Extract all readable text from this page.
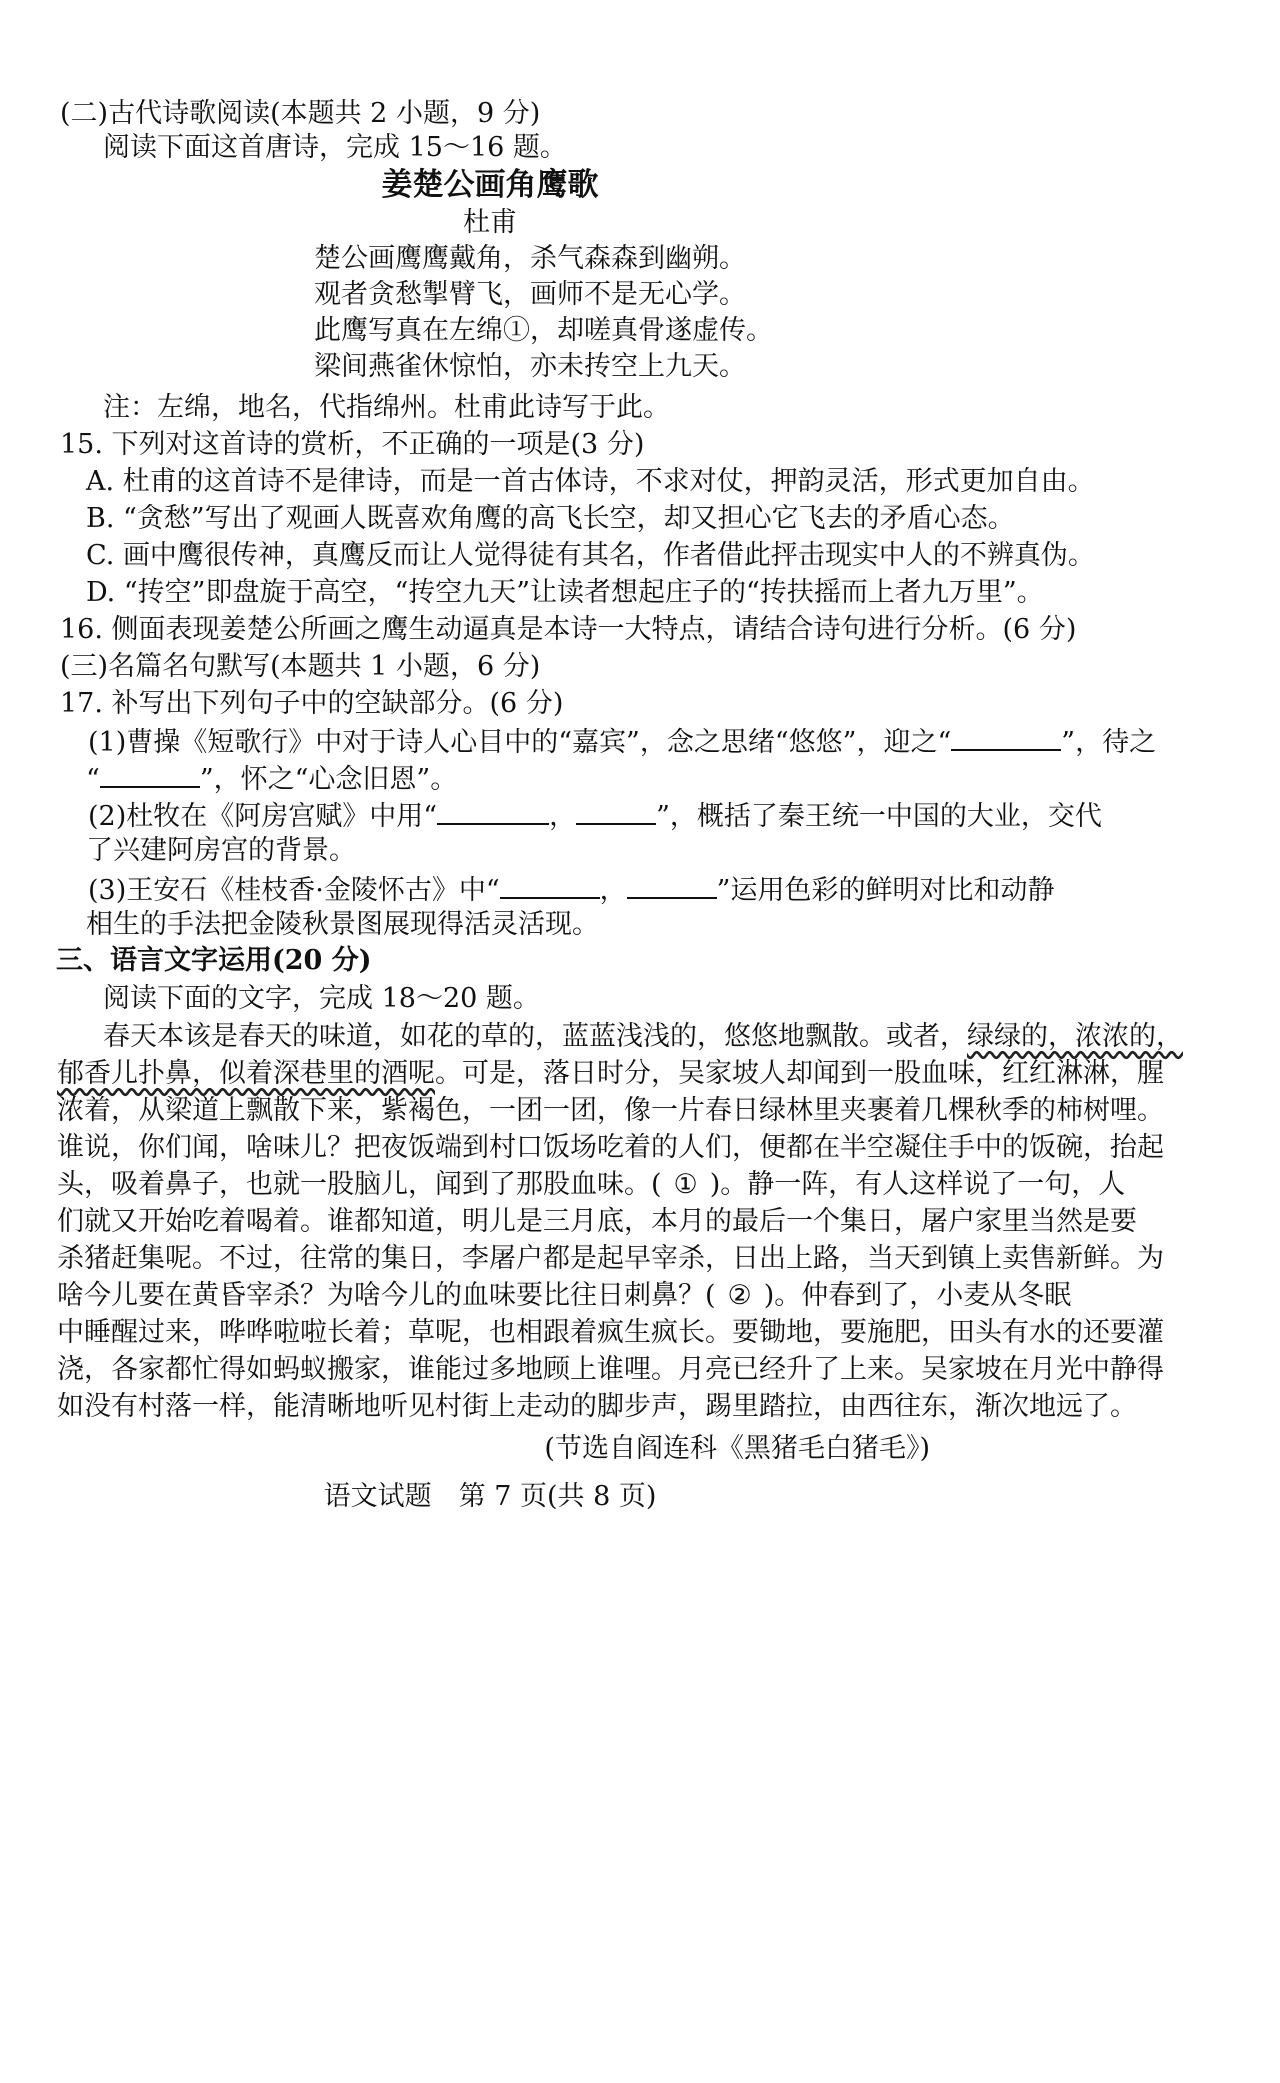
(二)古代诗歌阅读(本题共 2 小题，9 分)
阅读下面这首唐诗，完成 15～16 题。
姜楚公画角鹰歌
杜甫
楚公画鹰鹰戴角，杀气森森到幽朔。
观者贪愁掣臂飞，画师不是无心学。
此鹰写真在左绵①，却嗟真骨遂虚传。
梁间燕雀休惊怕，亦未抟空上九天。
注：左绵，地名，代指绵州。杜甫此诗写于此。
15. 下列对这首诗的赏析，不正确的一项是(3 分)
A. 杜甫的这首诗不是律诗，而是一首古体诗，不求对仗，押韵灵活，形式更加自由。
B. “贪愁”写出了观画人既喜欢角鹰的高飞长空，却又担心它飞去的矛盾心态。
C. 画中鹰很传神，真鹰反而让人觉得徒有其名，作者借此抨击现实中人的不辨真伪。
D. “抟空”即盘旋于高空，“抟空九天”让读者想起庄子的“抟扶摇而上者九万里”。
16. 侧面表现姜楚公所画之鹰生动逼真是本诗一大特点，请结合诗句进行分析。(6 分)
(三)名篇名句默写(本题共 1 小题，6 分)
17. 补写出下列句子中的空缺部分。(6 分)
(1)曹操《短歌行》中对于诗人心目中的“嘉宾”，念之思绪“悠悠”，迎之“	”，待之
“	”，怀之“心念旧恩”。
(2)杜牧在《阿房宫赋》中用“	，	”，概括了秦王统一中国的大业，交代
了兴建阿房宫的背景。
(3)王安石《桂枝香·金陵怀古》中“	，	”运用色彩的鲜明对比和动静
相生的手法把金陵秋景图展现得活灵活现。
三、语言文字运用(20 分)
阅读下面的文字，完成 18～20 题。
春天本该是春天的味道，如花的草的，蓝蓝浅浅的，悠悠地飘散。或者，绿绿的，浓浓的，
郁香儿扑鼻，似着深巷里的酒呢。可是，落日时分，吴家坡人却闻到一股血味，红红淋淋，腥
浓着，从梁道上飘散下来，紫褐色，一团一团，像一片春日绿林里夹裹着几棵秋季的柿树哩。
谁说，你们闻，啥味儿？把夜饭端到村口饭场吃着的人们，便都在半空凝住手中的饭碗，抬起
头，吸着鼻子，也就一股脑儿，闻到了那股血味。( ① )。静一阵，有人这样说了一句，人
们就又开始吃着喝着。谁都知道，明儿是三月底，本月的最后一个集日，屠户家里当然是要
杀猪赶集呢。不过，往常的集日，李屠户都是起早宰杀，日出上路，当天到镇上卖售新鲜。为
啥今儿要在黄昏宰杀？为啥今儿的血味要比往日刺鼻？( ② )。仲春到了，小麦从冬眠
中睡醒过来，哗哗啦啦长着；草呢，也相跟着疯生疯长。要锄地，要施肥，田头有水的还要灌
浇，各家都忙得如蚂蚁搬家，谁能过多地顾上谁哩。月亮已经升了上来。吴家坡在月光中静得
如没有村落一样，能清晰地听见村街上走动的脚步声，踢里踏拉，由西往东，渐次地远了。
(节选自阎连科《黑猪毛白猪毛》)
语文试题　第 7 页(共 8 页)
